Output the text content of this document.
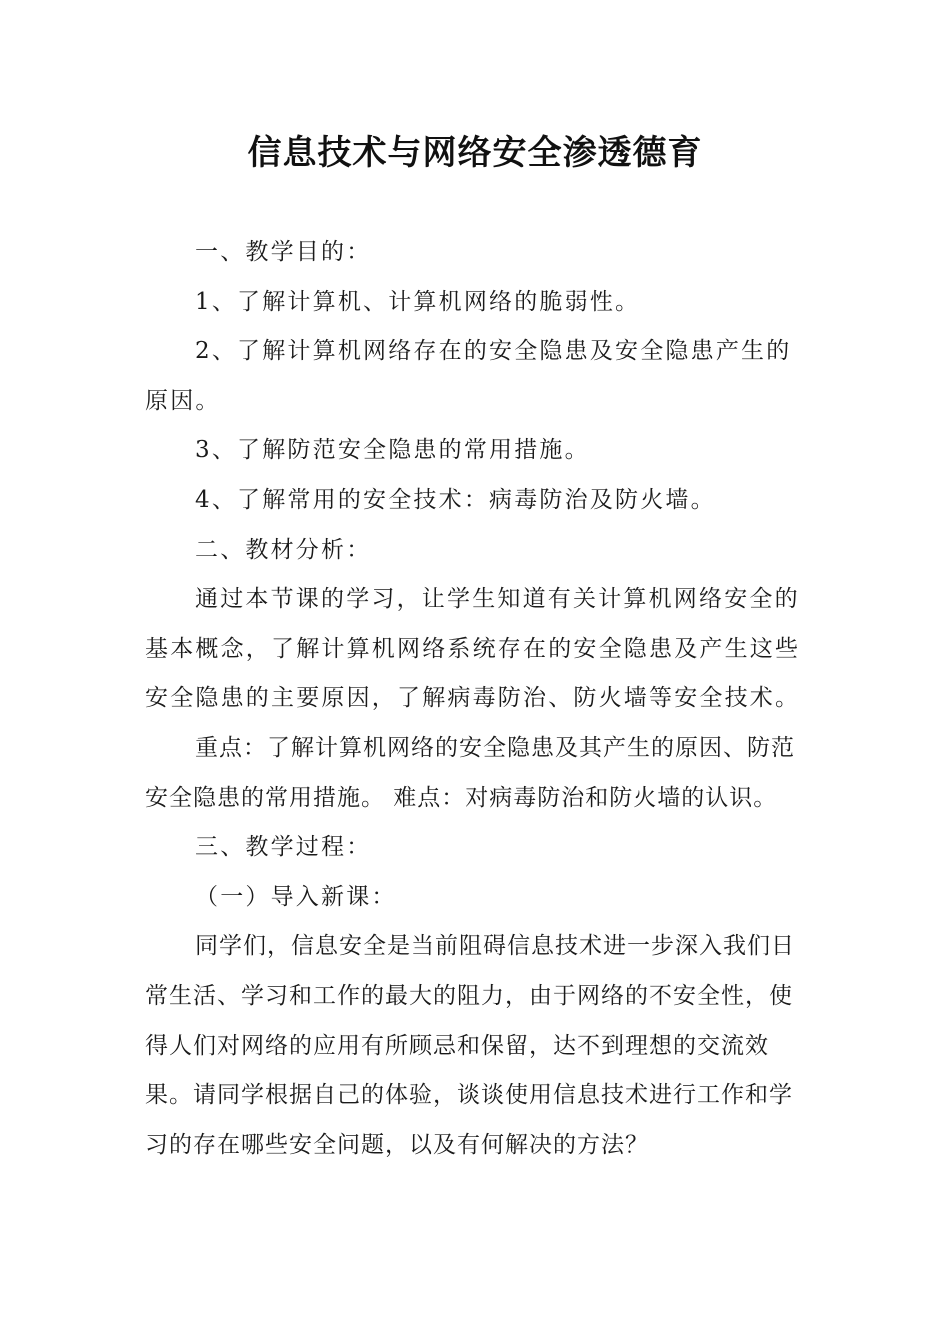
信息技术与网络安全渗透德育

一、教学目的：

1、了解计算机、计算机网络的脆弱性。

2、了解计算机网络存在的安全隐患及安全隐患产生的原因。

3、了解防范安全隐患的常用措施。

4、了解常用的安全技术：病毒防治及防火墙。

二、教材分析：

通过本节课的学习，让学生知道有关计算机网络安全的基本概念，了解计算机网络系统存在的安全隐患及产生这些安全隐患的主要原因，了解病毒防治、防火墙等安全技术。

重点：了解计算机网络的安全隐患及其产生的原因、防范安全隐患的常用措施。 难点：对病毒防治和防火墙的认识。

三、教学过程：

（一）导入新课：

同学们，信息安全是当前阻碍信息技术进一步深入我们日常生活、学习和工作的最大的阻力，由于网络的不安全性，使得人们对网络的应用有所顾忌和保留，达不到理想的交流效果。请同学根据自己的体验，谈谈使用信息技术进行工作和学习的存在哪些安全问题，以及有何解决的方法？
